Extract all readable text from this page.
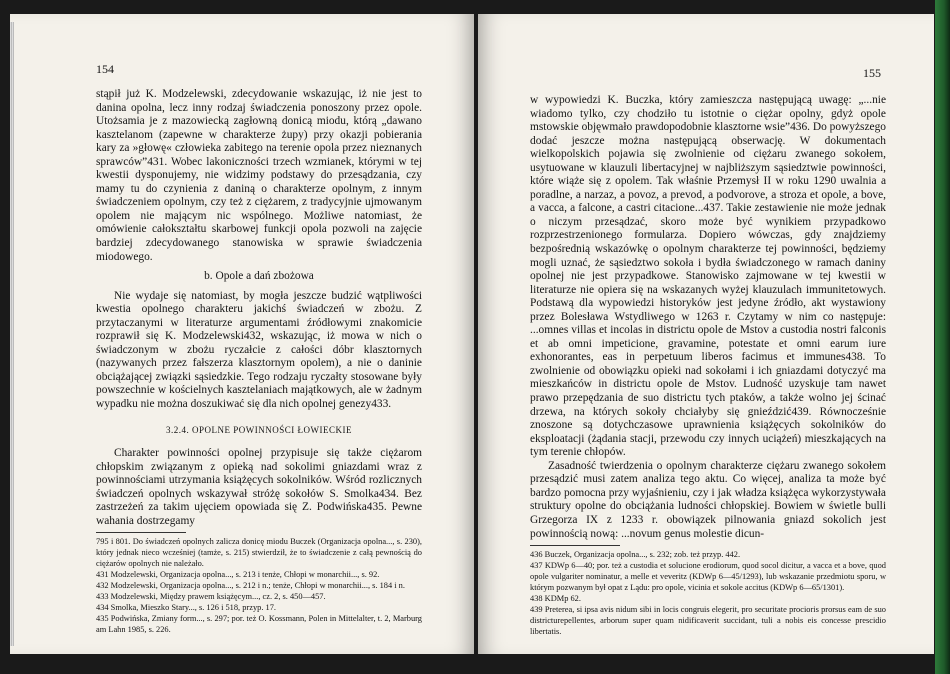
154

stąpił już K. Modzelewski, zdecydowanie wskazując, iż nie jest to danina opolna, lecz inny rodzaj świadczenia ponoszony przez opole. Utożsamia je z mazowiecką zagłowną donicą miodu, którą „dawano kasztelanom (zapewne w charakterze żupy) przy okazji pobierania kary za »głowę« człowieka zabitego na terenie opola przez nieznanych sprawców”431. Wobec lakoniczności trzech wzmianek, którymi w tej kwestii dysponujemy, nie widzimy podstawy do przesądzania, czy mamy tu do czynienia z daniną o charakterze opolnym, z innym świadczeniem opolnym, czy też z ciężarem, z tradycyjnie ujmowanym opolem nie mającym nic wspólnego. Możliwe natomiast, że omówienie całokształtu skarbowej funkcji opola pozwoli na zajęcie bardziej zdecydowanego stanowiska w sprawie świadczenia miodowego.

b. Opole a dań zbożowa

Nie wydaje się natomiast, by mogła jeszcze budzić wątpliwości kwestia opolnego charakteru jakichś świadczeń w zbożu. Z przytaczanymi w literaturze argumentami źródłowymi znakomicie rozprawił się K. Modzelewski432, wskazując, iż mowa w nich o świadczonym w zbożu ryczałcie z całości dóbr klasztornych (nazywanych przez fałszerza klasztornym opolem), a nie o daninie obciążającej związki sąsiedzkie. Tego rodzaju ryczałty stosowane były powszechnie w kościelnych kasztelaniach majątkowych, ale w żadnym wypadku nie można doszukiwać się dla nich opolnej genezy433.

3.2.4. OPOLNE POWINNOŚCI ŁOWIECKIE

Charakter powinności opolnej przypisuje się także ciężarom chłopskim związanym z opieką nad sokolimi gniazdami wraz z powinnościami utrzymania książęcych sokolników. Wśród rozlicznych świadczeń opolnych wskazywał stróżę sokołów S. Smolka434. Bez zastrzeżeń za takim ujęciem opowiada się Z. Podwińska435. Pewne wahania dostrzegamy

795 i 801. Do świadczeń opolnych zalicza donicę miodu Buczek (Organizacja opolna..., s. 230), który jednak nieco wcześniej (tamże, s. 215) stwierdził, że to świadczenie z całą pewnością do ciężarów opolnych nie należało.

431 Modzelewski, Organizacja opolna..., s. 213 i tenże, Chłopi w monarchii..., s. 92.

432 Modzelewski, Organizacja opolna..., s. 212 i n.; tenże, Chłopi w monarchii..., s. 184 i n.

433 Modzelewski, Między prawem książęcym..., cz. 2, s. 450—457.

434 Smolka, Mieszko Stary..., s. 126 i 518, przyp. 17.

435 Podwińska, Zmiany form..., s. 297; por. też O. Kossmann, Polen in Mittelalter, t. 2, Marburg am Lahn 1985, s. 226.

155

w wypowiedzi K. Buczka, który zamieszcza następującą uwagę: „...nie wiadomo tylko, czy chodziło tu istotnie o ciężar opolny, gdyż opole mstowskie objęwmało prawdopodobnie klasztorne wsie”436. Do powyższego dodać jeszcze można następującą obserwację. W dokumentach wielkopolskich pojawia się zwolnienie od ciężaru zwanego sokołem, usytuowane w klauzuli libertacyjnej w najbliższym sąsiedztwie powinności, które wiąże się z opolem. Tak właśnie Przemysł II w roku 1290 uwalnia a poradlne, a narzaz, a povoz, a prevod, a podvorove, a stroza et opole, a bove, a vacca, a falcone, a castri citacione...437. Takie zestawienie nie może jednak o niczym przesądzać, skoro może być wynikiem przypadkowo rozprzestrzenionego formularza. Dopiero wówczas, gdy znajdziemy bezpośrednią wskazówkę o opolnym charakterze tej powinności, będziemy mogli uznać, że sąsiedztwo sokoła i bydła świadczonego w ramach daniny opolnej nie jest przypadkowe. Stanowisko zajmowane w tej kwestii w literaturze nie opiera się na wskazanych wyżej klauzulach immunitetowych. Podstawą dla wypowiedzi historyków jest jedyne źródło, akt wystawiony przez Bolesława Wstydliwego w 1263 r. Czytamy w nim co następuje: ...omnes villas et incolas in districtu opole de Mstov a custodia nostri falconis et ab omni impeticione, gravamine, potestate et omni earum iure exhonorantes, eas in perpetuum liberos facimus et immunes438. To zwolnienie od obowiązku opieki nad sokołami i ich gniazdami dotyczyć ma mieszkańców in districtu opole de Mstov. Ludność uzyskuje tam nawet prawo przepędzania de suo districtu tych ptaków, a także wolno jej ścinać drzewa, na których sokoły chciałyby się gnieździć439. Równocześnie znoszone są dotychczasowe uprawnienia książęcych sokolników do eksploatacji (żądania stacji, przewodu czy innych uciążeń) mieszkających na tym terenie chłopów.

Zasadność twierdzenia o opolnym charakterze ciężaru zwanego sokołem przesądzić musi zatem analiza tego aktu. Co więcej, analiza ta może być bardzo pomocna przy wyjaśnieniu, czy i jak władza książęca wykorzystywała struktury opolne do obciążania ludności chłopskiej. Bowiem w świetle bulli Grzegorza IX z 1233 r. obowiązek pilnowania gniazd sokolich jest powinnością nową: ...novum genus molestie dicun-

436 Buczek, Organizacja opolna..., s. 232; zob. też przyp. 442.

437 KDWp 6—40; por. też a custodia et solucione erodiorum, quod socol dicitur, a vacca et a bove, quod opole vulgariter nominatur, a melle et veveritz (KDWp 6—45/1293), lub wskazanie przedmiotu sporu, w którym pozwanym był opat z Lądu: pro opole, vicinia et sokole accitus (KDWp 6—65/1301).

438 KDMp 62.

439 Preterea, si ipsa avis nidum sibi in locis congruis elegerit, pro securitate procioris prorsus eam de suo districturepellentes, arborum super quam nidificaverit succidant, tuli a nobis eis concesse prescidio libertatis.
